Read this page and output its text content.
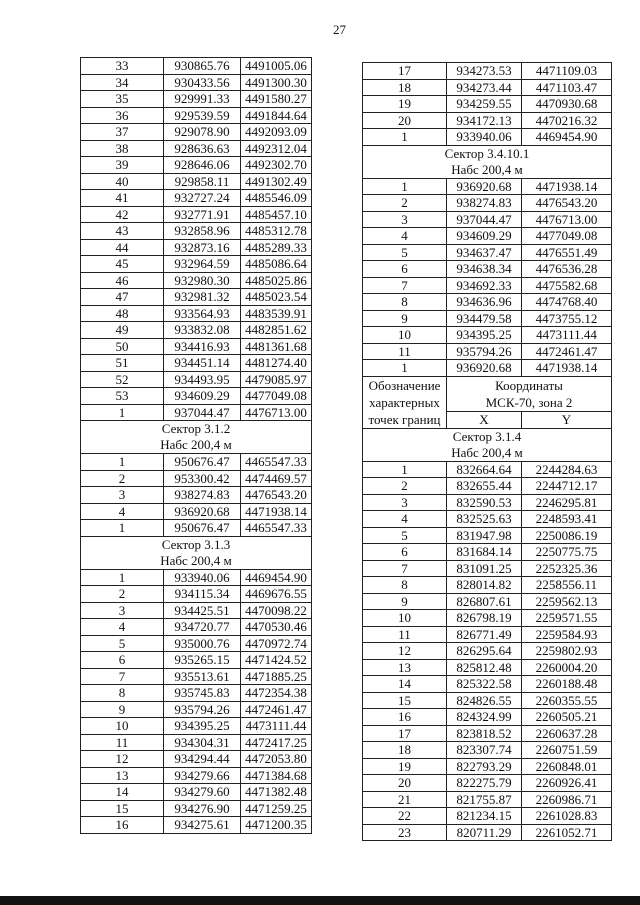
27
33	930865.76	4491005.06
34	930433.56	4491300.30
35	929991.33	4491580.27
36	929539.59	4491844.64
37	929078.90	4492093.09
38	928636.63	4492312.04
39	928646.06	4492302.70
40	929858.11	4491302.49
41	932727.24	4485546.09
42	932771.91	4485457.10
43	932858.96	4485312.78
44	932873.16	4485289.33
45	932964.59	4485086.64
46	932980.30	4485025.86
47	932981.32	4485023.54
48	933564.93	4483539.91
49	933832.08	4482851.62
50	934416.93	4481361.68
51	934451.14	4481274.40
52	934493.95	4479085.97
53	934609.29	4477049.08
1	937044.47	4476713.00

Сектор 3.1.2
Набс 200,4 м		

1	950676.47	4465547.33
2	953300.42	4474469.57
3	938274.83	4476543.20
4	936920.68	4471938.14
1	950676.47	4465547.33

Сектор 3.1.3
Набс 200,4 м		

1	933940.06	4469454.90
2	934115.34	4469676.55
3	934425.51	4470098.22
4	934720.77	4470530.46
5	935000.76	4470972.74
6	935265.15	4471424.52
7	935513.61	4471885.25
8	935745.83	4472354.38
9	935794.26	4472461.47
10	934395.25	4473111.44
11	934304.31	4472417.25
12	934294.44	4472053.80
13	934279.66	4471384.68
14	934279.60	4471382.48
15	934276.90	4471259.25
16	934275.61	4471200.35
17	934273.53	4471109.03
18	934273.44	4471103.47
19	934259.55	4470930.68
20	934172.13	4470216.32
1	933940.06	4469454.90

Сектор 3.4.10.1
Набс 200,4 м		

1	936920.68	4471938.14
2	938274.83	4476543.20
3	937044.47	4476713.00
4	934609.29	4477049.08
5	934637.47	4476551.49
6	934638.34	4476536.28
7	934692.33	4475582.68
8	934636.96	4474768.40
9	934479.58	4473755.12
10	934395.25	4473111.44
11	935794.26	4472461.47
1	936920.68	4471938.14
Обозначение характерных точек границ	Координаты
МСК-70, зона 2	

	X	Y

Сектор 3.1.4
Набс 200,4 м		

1	832664.64	2244284.63
2	832655.44	2244712.17
3	832590.53	2246295.81
4	832525.63	2248593.41
5	831947.98	2250086.19
6	831684.14	2250775.75
7	831091.25	2252325.36
8	828014.82	2258556.11
9	826807.61	2259562.13
10	826798.19	2259571.55
11	826771.49	2259584.93
12	826295.64	2259802.93
13	825812.48	2260004.20
14	825322.58	2260188.48
15	824826.55	2260355.55
16	824324.99	2260505.21
17	823818.52	2260637.28
18	823307.74	2260751.59
19	822793.29	2260848.01
20	822275.79	2260926.41
21	821755.87	2260986.71
22	821234.15	2261028.83
23	820711.29	2261052.71
